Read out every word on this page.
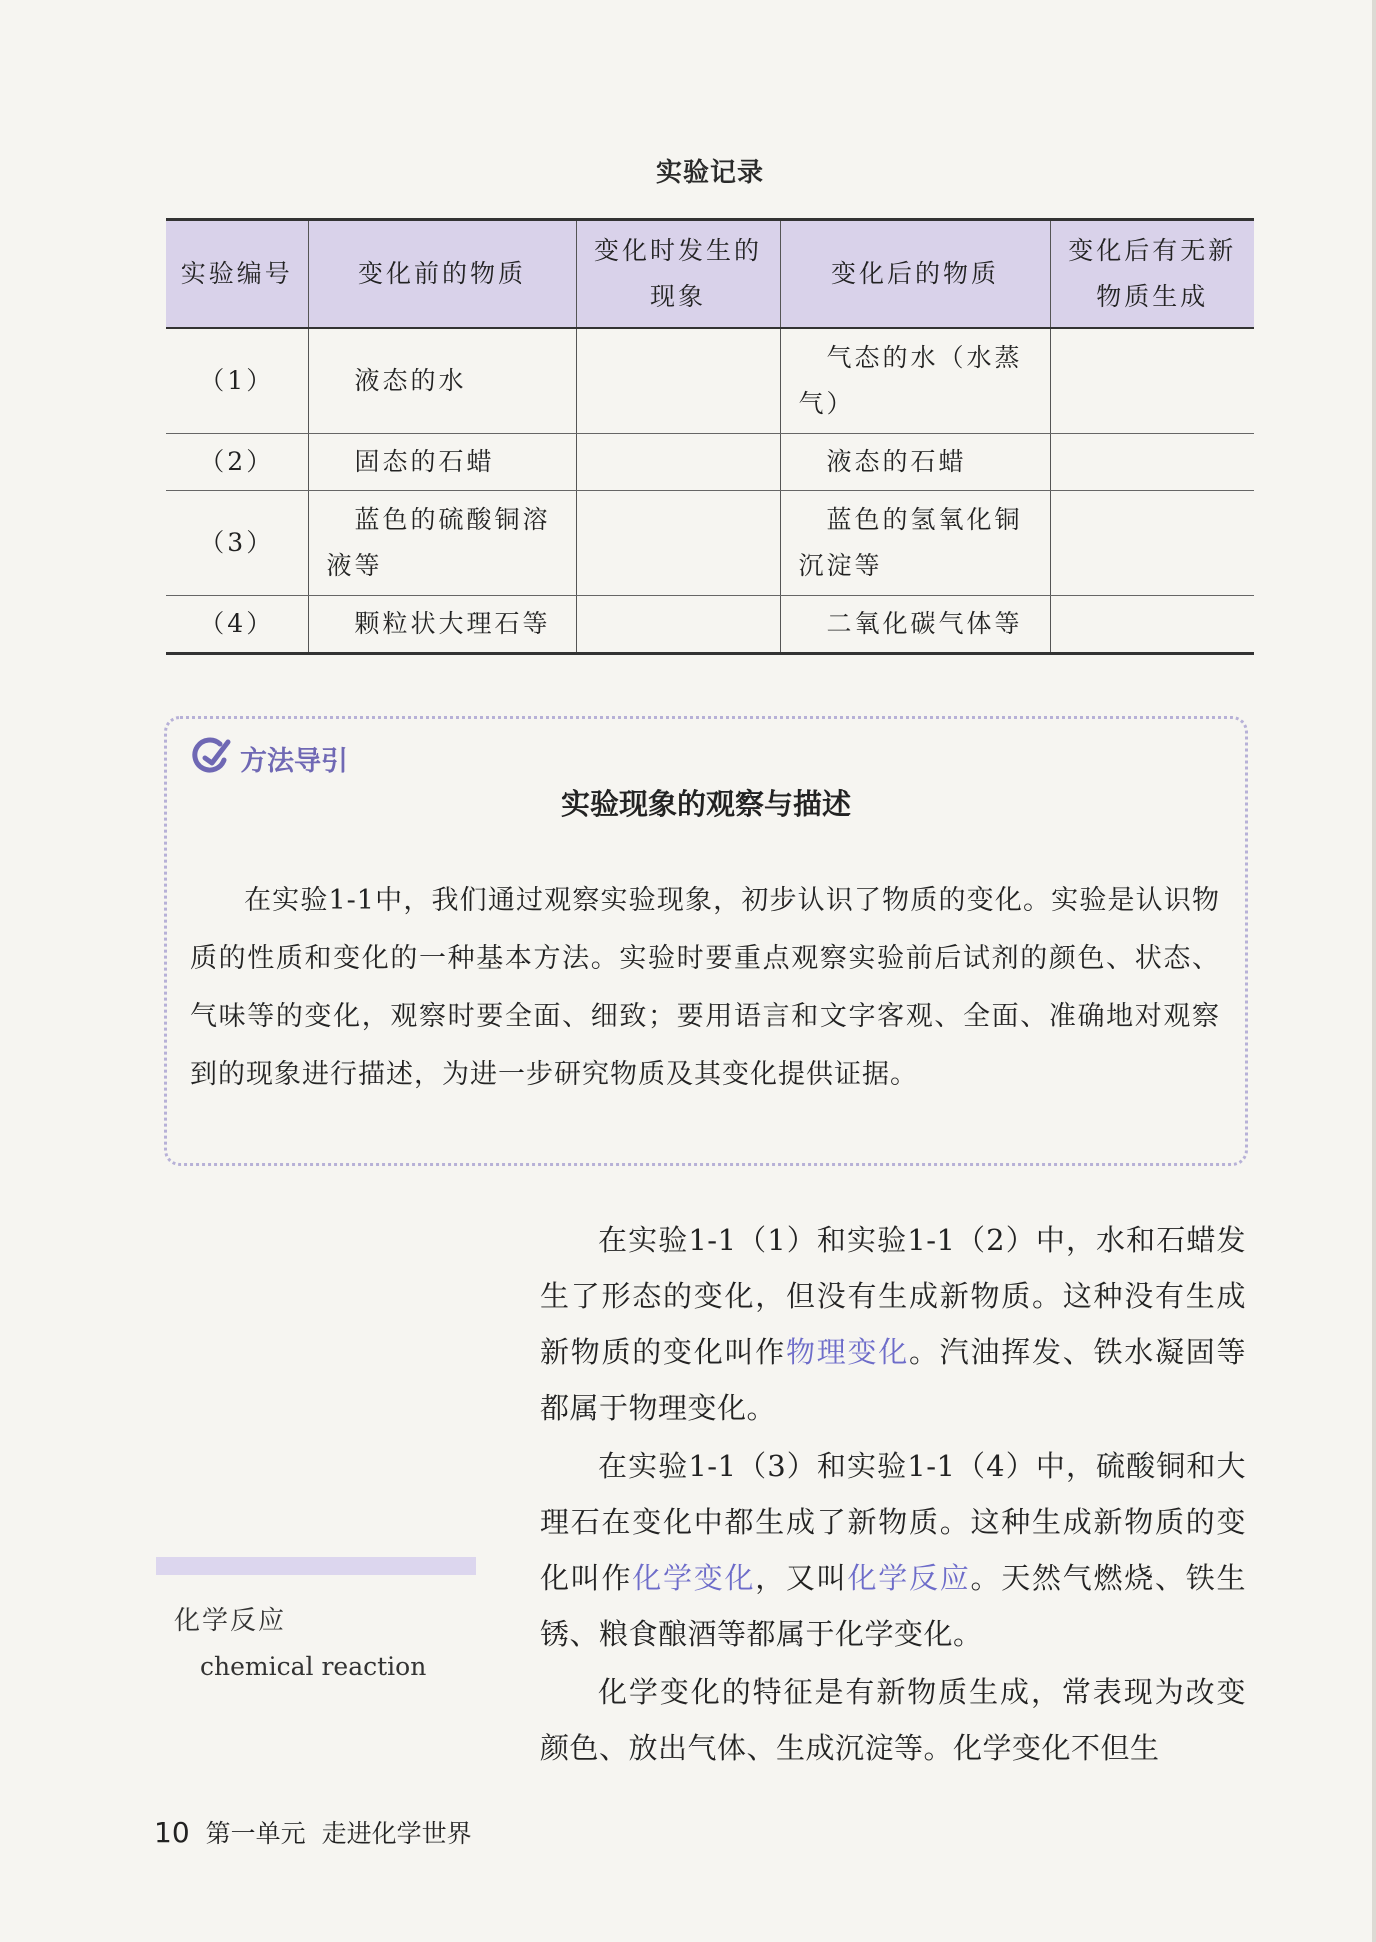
实验记录
实验编号	变化前的物质	变化时发生的现象	变化后的物质	变化后有无新物质生成
（1）	液态的水		气态的水（水蒸气）	

（2）	固态的石蜡		液态的石蜡	

（3）	蓝色的硫酸铜溶液等		蓝色的氢氧化铜沉淀等	

（4）	颗粒状大理石等		二氧化碳气体等	

方法导引
实验现象的观察与描述

在实验1-1中，我们通过观察实验现象，初步认识了物质的变化。实验是认识物质的性质和变化的一种基本方法。实验时要重点观察实验前后试剂的颜色、状态、气味等的变化，观察时要全面、细致；要用语言和文字客观、全面、准确地对观察到的现象进行描述，为进一步研究物质及其变化提供证据。

在实验1-1（1）和实验1-1（2）中，水和石蜡发生了形态的变化，但没有生成新物质。这种没有生成新物质的变化叫作物理变化。汽油挥发、铁水凝固等都属于物理变化。

在实验1-1（3）和实验1-1（4）中，硫酸铜和大理石在变化中都生成了新物质。这种生成新物质的变化叫作化学变化，又叫化学反应。天然气燃烧、铁生锈、粮食酿酒等都属于化学变化。

化学变化的特征是有新物质生成，常表现为改变颜色、放出气体、生成沉淀等。化学变化不但生

化学反应
chemical reaction
10 第一单元 走进化学世界
